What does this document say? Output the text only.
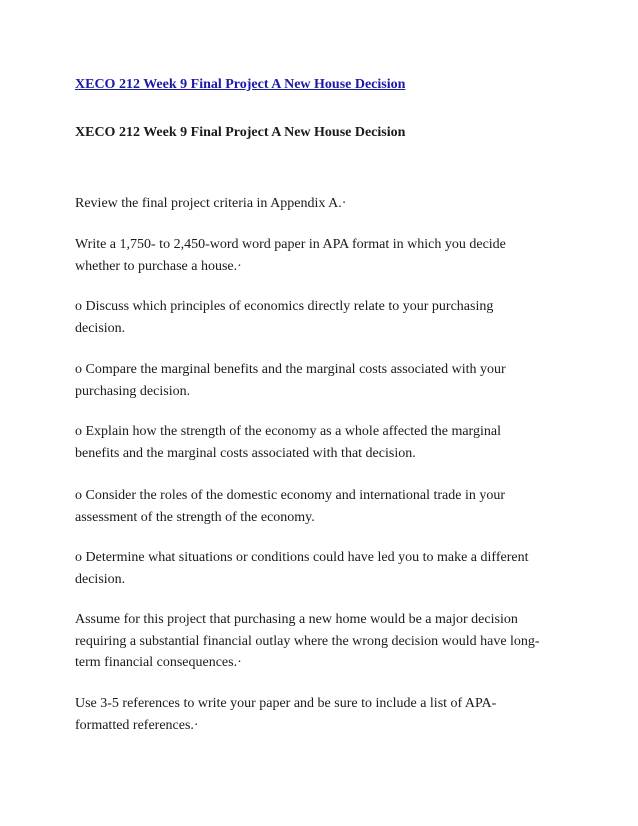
XECO 212 Week 9 Final Project A New House Decision
XECO 212 Week 9 Final Project A New House Decision
Review the final project criteria in Appendix A.·
Write a 1,750- to 2,450-word word paper in APA format in which you decide
whether to purchase a house.·
o Discuss which principles of economics directly relate to your purchasing
decision.
o Compare the marginal benefits and the marginal costs associated with your
purchasing decision.
o Explain how the strength of the economy as a whole affected the marginal
benefits and the marginal costs associated with that decision.
o Consider the roles of the domestic economy and international trade in your
assessment of the strength of the economy.
o Determine what situations or conditions could have led you to make a different
decision.
Assume for this project that purchasing a new home would be a major decision
requiring a substantial financial outlay where the wrong decision would have long-
term financial consequences.·
Use 3-5 references to write your paper and be sure to include a list of APA-
formatted references.·
